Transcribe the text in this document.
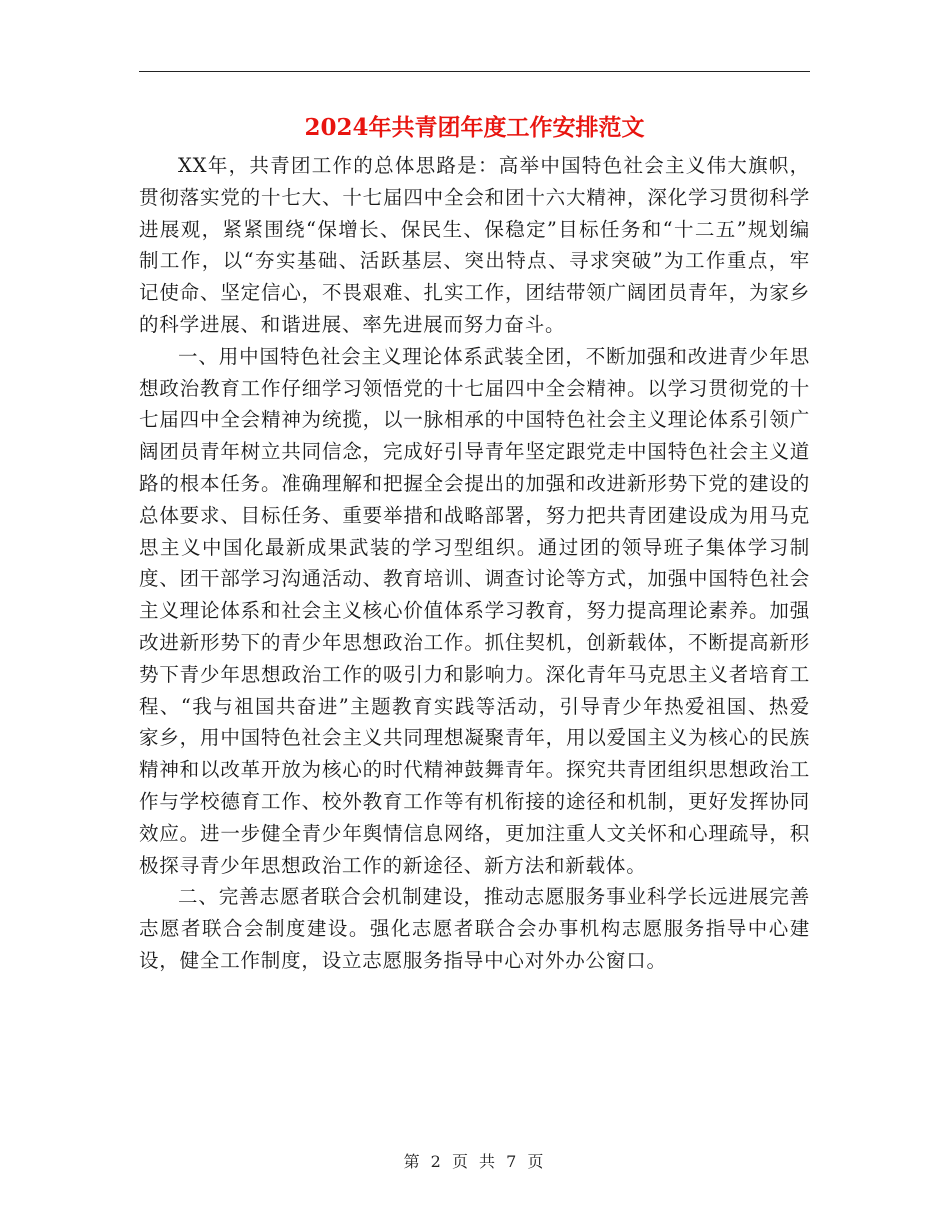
2024年共青团年度工作安排范文

XX年，共青团工作的总体思路是：高举中国特色社会主义伟大旗帜，贯彻落实党的十七大、十七届四中全会和团十六大精神，深化学习贯彻科学进展观，紧紧围绕“保增长、保民生、保稳定”目标任务和“十二五”规划编制工作，以“夯实基础、活跃基层、突出特点、寻求突破”为工作重点，牢记使命、坚定信心，不畏艰难、扎实工作，团结带领广阔团员青年，为家乡的科学进展、和谐进展、率先进展而努力奋斗。

一、用中国特色社会主义理论体系武装全团，不断加强和改进青少年思想政治教育工作仔细学习领悟党的十七届四中全会精神。以学习贯彻党的十七届四中全会精神为统揽，以一脉相承的中国特色社会主义理论体系引领广阔团员青年树立共同信念，完成好引导青年坚定跟党走中国特色社会主义道路的根本任务。准确理解和把握全会提出的加强和改进新形势下党的建设的总体要求、目标任务、重要举措和战略部署，努力把共青团建设成为用马克思主义中国化最新成果武装的学习型组织。通过团的领导班子集体学习制度、团干部学习沟通活动、教育培训、调查讨论等方式，加强中国特色社会主义理论体系和社会主义核心价值体系学习教育，努力提高理论素养。加强改进新形势下的青少年思想政治工作。抓住契机，创新载体，不断提高新形势下青少年思想政治工作的吸引力和影响力。深化青年马克思主义者培育工程、“我与祖国共奋进”主题教育实践等活动，引导青少年热爱祖国、热爱家乡，用中国特色社会主义共同理想凝聚青年，用以爱国主义为核心的民族精神和以改革开放为核心的时代精神鼓舞青年。探究共青团组织思想政治工作与学校德育工作、校外教育工作等有机衔接的途径和机制，更好发挥协同效应。进一步健全青少年舆情信息网络，更加注重人文关怀和心理疏导，积极探寻青少年思想政治工作的新途径、新方法和新载体。

二、完善志愿者联合会机制建设，推动志愿服务事业科学长远进展完善志愿者联合会制度建设。强化志愿者联合会办事机构志愿服务指导中心建设，健全工作制度，设立志愿服务指导中心对外办公窗口。

第 2 页 共 7 页
